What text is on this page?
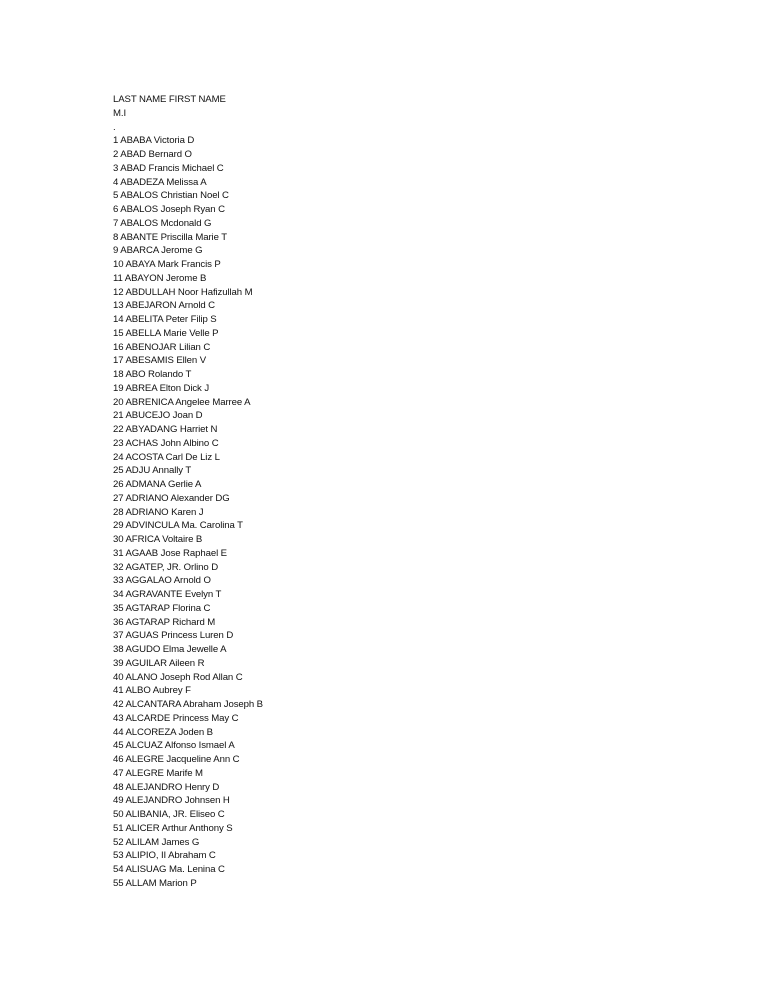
LAST NAME FIRST NAME
M.I
.
1 ABABA Victoria D
2 ABAD Bernard O
3 ABAD Francis Michael C
4 ABADEZA Melissa A
5 ABALOS Christian Noel C
6 ABALOS Joseph Ryan C
7 ABALOS Mcdonald G
8 ABANTE Priscilla Marie T
9 ABARCA Jerome G
10 ABAYA Mark Francis P
11 ABAYON Jerome B
12 ABDULLAH Noor Hafizullah M
13 ABEJARON Arnold C
14 ABELITA Peter Filip S
15 ABELLA Marie Velle P
16 ABENOJAR Lilian C
17 ABESAMIS Ellen V
18 ABO Rolando T
19 ABREA Elton Dick J
20 ABRENICA Angelee Marree A
21 ABUCEJO Joan D
22 ABYADANG Harriet N
23 ACHAS John Albino C
24 ACOSTA Carl De Liz L
25 ADJU Annally T
26 ADMANA Gerlie A
27 ADRIANO Alexander DG
28 ADRIANO Karen J
29 ADVINCULA Ma. Carolina T
30 AFRICA Voltaire B
31 AGAAB Jose Raphael E
32 AGATEP, JR. Orlino D
33 AGGALAO Arnold O
34 AGRAVANTE Evelyn T
35 AGTARAP Florina C
36 AGTARAP Richard M
37 AGUAS Princess Luren D
38 AGUDO Elma Jewelle A
39 AGUILAR Aileen R
40 ALANO Joseph Rod Allan C
41 ALBO Aubrey F
42 ALCANTARA Abraham Joseph B
43 ALCARDE Princess May C
44 ALCOREZA Joden B
45 ALCUAZ Alfonso Ismael A
46 ALEGRE Jacqueline Ann C
47 ALEGRE Marife M
48 ALEJANDRO Henry D
49 ALEJANDRO Johnsen H
50 ALIBANIA, JR. Eliseo C
51 ALICER Arthur Anthony S
52 ALILAM James G
53 ALIPIO, II Abraham C
54 ALISUAG Ma. Lenina C
55 ALLAM Marion P
